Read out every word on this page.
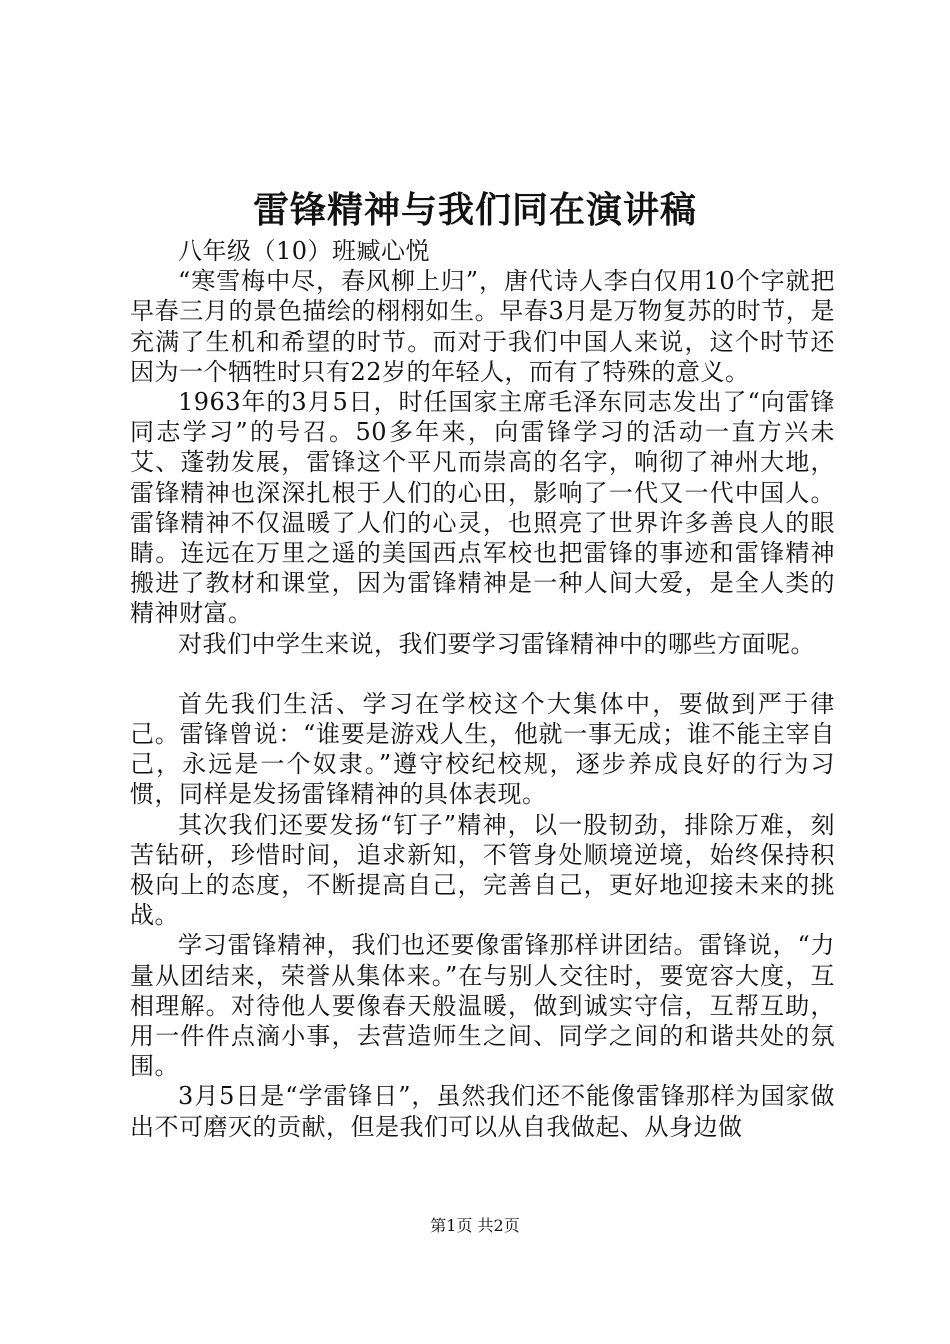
雷锋精神与我们同在演讲稿

八年级（10）班臧心悦

“寒雪梅中尽，春风柳上归”，唐代诗人李白仅用10个字就把早春三月的景色描绘的栩栩如生。早春3月是万物复苏的时节，是充满了生机和希望的时节。而对于我们中国人来说，这个时节还因为一个牺牲时只有22岁的年轻人，而有了特殊的意义。

1963年的3月5日，时任国家主席毛泽东同志发出了“向雷锋同志学习”的号召。50多年来，向雷锋学习的活动一直方兴未艾、蓬勃发展，雷锋这个平凡而崇高的名字，响彻了神州大地，雷锋精神也深深扎根于人们的心田，影响了一代又一代中国人。雷锋精神不仅温暖了人们的心灵，也照亮了世界许多善良人的眼睛。连远在万里之遥的美国西点军校也把雷锋的事迹和雷锋精神搬进了教材和课堂，因为雷锋精神是一种人间大爱，是全人类的精神财富。

对我们中学生来说，我们要学习雷锋精神中的哪些方面呢。

首先我们生活、学习在学校这个大集体中，要做到严于律己。雷锋曾说：“谁要是游戏人生，他就一事无成；谁不能主宰自己，永远是一个奴隶。”遵守校纪校规，逐步养成良好的行为习惯，同样是发扬雷锋精神的具体表现。

其次我们还要发扬“钉子”精神，以一股韧劲，排除万难，刻苦钻研，珍惜时间，追求新知，不管身处顺境逆境，始终保持积极向上的态度，不断提高自己，完善自己，更好地迎接未来的挑战。

学习雷锋精神，我们也还要像雷锋那样讲团结。雷锋说，“力量从团结来，荣誉从集体来。”在与别人交往时，要宽容大度，互相理解。对待他人要像春天般温暖，做到诚实守信，互帮互助，用一件件点滴小事，去营造师生之间、同学之间的和谐共处的氛围。

3月5日是“学雷锋日”，虽然我们还不能像雷锋那样为国家做出不可磨灭的贡献，但是我们可以从自我做起、从身边做

第1页 共2页
